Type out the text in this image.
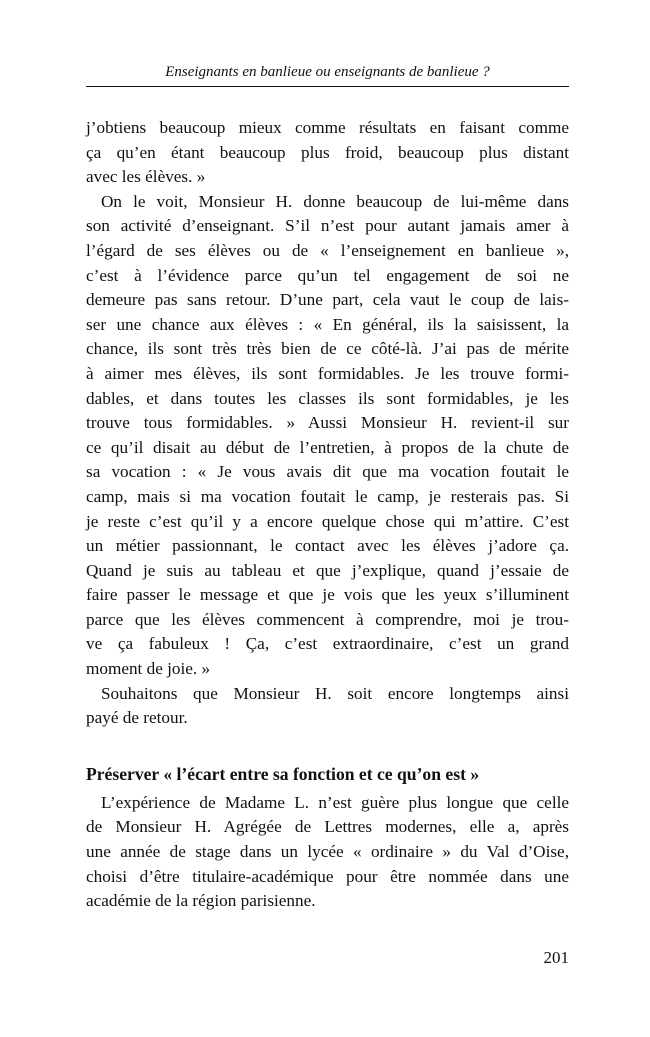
Enseignants en banlieue ou enseignants de banlieue ?

j’obtiens beaucoup mieux comme résultats en faisant comme
ça qu’en étant beaucoup plus froid, beaucoup plus distant
avec les élèves. »

On le voit, Monsieur H. donne beaucoup de lui-même dans
son activité d’enseignant. S’il n’est pour autant jamais amer à
l’égard de ses élèves ou de « l’enseignement en banlieue »,
c’est à l’évidence parce qu’un tel engagement de soi ne
demeure pas sans retour. D’une part, cela vaut le coup de lais-
ser une chance aux élèves : « En général, ils la saisissent, la
chance, ils sont très très bien de ce côté-là. J’ai pas de mérite
à aimer mes élèves, ils sont formidables. Je les trouve formi-
dables, et dans toutes les classes ils sont formidables, je les
trouve tous formidables. » Aussi Monsieur H. revient-il sur
ce qu’il disait au début de l’entretien, à propos de la chute de
sa vocation : « Je vous avais dit que ma vocation foutait le
camp, mais si ma vocation foutait le camp, je resterais pas. Si
je reste c’est qu’il y a encore quelque chose qui m’attire. C’est
un métier passionnant, le contact avec les élèves j’adore ça.
Quand je suis au tableau et que j’explique, quand j’essaie de
faire passer le message et que je vois que les yeux s’illuminent
parce que les élèves commencent à comprendre, moi je trou-
ve ça fabuleux ! Ça, c’est extraordinaire, c’est un grand
moment de joie. »

Souhaitons que Monsieur H. soit encore longtemps ainsi
payé de retour.

Préserver « l’écart entre sa fonction et ce qu’on est »

L’expérience de Madame L. n’est guère plus longue que celle
de Monsieur H. Agrégée de Lettres modernes, elle a, après
une année de stage dans un lycée « ordinaire » du Val d’Oise,
choisi d’être titulaire-académique pour être nommée dans une
académie de la région parisienne.

201
